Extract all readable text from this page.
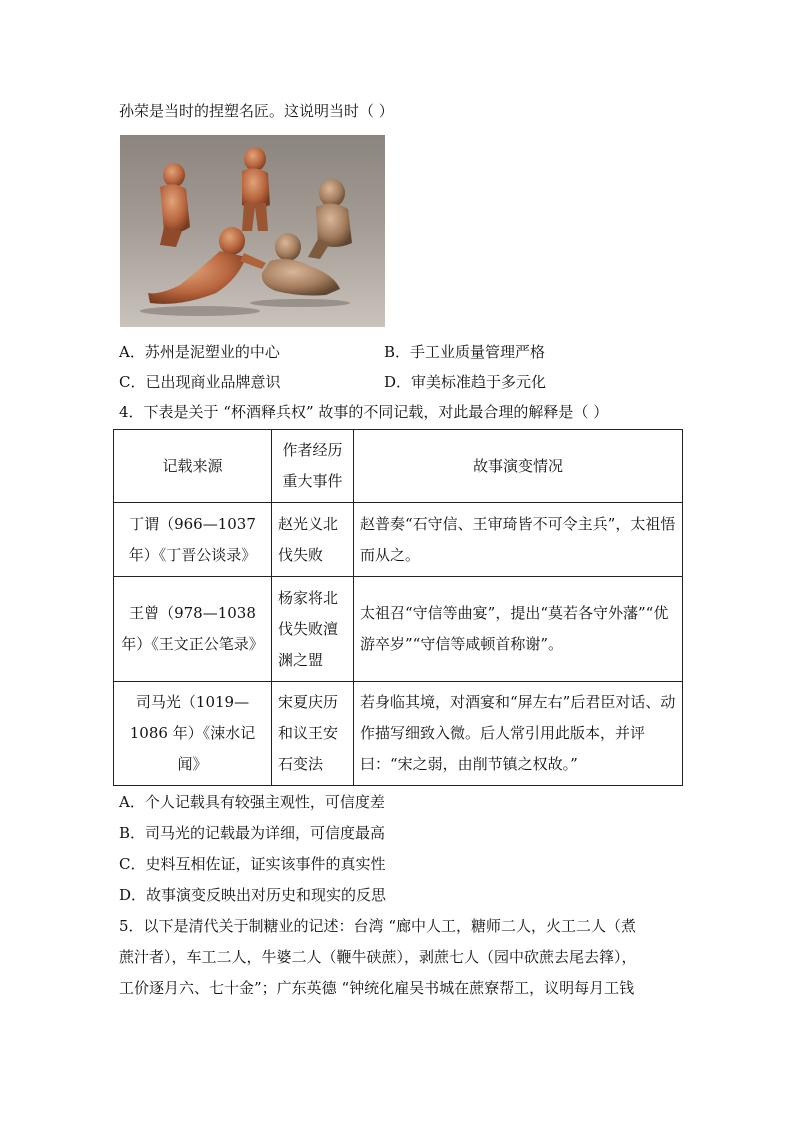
孙荣是当时的捏塑名匠。这说明当时（ ）
A．苏州是泥塑业的中心	B．手工业质量管理严格
C．已出现商业品牌意识	D．审美标准趋于多元化
4．下表是关于 “杯酒释兵权” 故事的不同记载，对此最合理的解释是（ ）
记载来源	作者经历重大事件	故事演变情况
丁谓（966—1037 年）《丁晋公谈录》	赵光义北伐失败	赵普奏“石守信、王审琦皆不可令主兵”，太祖悟而从之。
王曾（978—1038 年）《王文正公笔录》	杨家将北伐失败澶渊之盟	太祖召“守信等曲宴”，提出“莫若各守外藩”“优游卒岁”“守信等咸顿首称谢”。
司马光（1019—1086 年）《涑水记闻》	宋夏庆历和议王安石变法	若身临其境，对酒宴和“屏左右”后君臣对话、动作描写细致入微。后人常引用此版本，并评曰：“宋之弱，由削节镇之权故。”
A．个人记载具有较强主观性，可信度差
B．司马光的记载最为详细，可信度最高
C．史料互相佐证，证实该事件的真实性
D．故事演变反映出对历史和现实的反思
5．以下是清代关于制糖业的记述：台湾 “廊中人工，糖师二人，火工二人（煮
蔗汁者），车工二人，牛婆二人（鞭牛硖蔗），剥蔗七人（园中砍蔗去尾去箨），
工价逐月六、七十金”；广东英德 “钟统化雇吴书城在蔗寮帮工，议明每月工钱
